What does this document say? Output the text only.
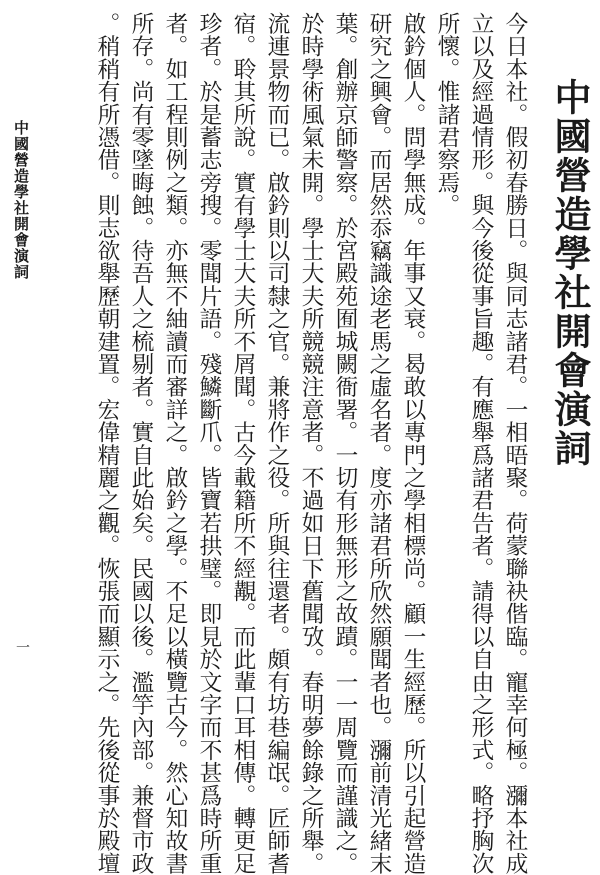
中國營造學社開會演詞
今日本社。假初春勝日。與同志諸君。一相晤聚。荷蒙聯袂偕臨。寵幸何極。瀰本社成
立以及經過情形。與今後從事旨趣。有應舉爲諸君告者。請得以自由之形式。略抒胸次
所懷。惟諸君察焉。
啟鈐個人。問學無成。年事又衰。曷敢以專門之學相標尚。顧一生經歷。所以引起營造
研究之興會。而居然忝竊識途老馬之虛名者。度亦諸君所欣然願聞者也。瀰前清光緒末
葉。創辦京師警察。於宮殿苑囿城闕衙署。一切有形無形之故蹟。一一周覽而謹識之。
於時學術風氣未開。學士大夫所競競注意者。不過如日下舊聞攷。春明夢餘錄之所舉。
流連景物而已。啟鈐則以司隸之官。兼將作之役。所與往還者。頗有坊巷編氓。匠師耆
宿。聆其所說。實有學士大夫所不屑聞。古今載籍所不經覯。而此輩口耳相傳。轉更足
珍者。於是蓄志旁搜。零聞片語。殘鱗斷爪。皆寶若拱璧。即見於文字而不甚爲時所重
者。如工程則例之類。亦無不紬讀而審詳之。啟鈐之學。不足以橫覽古今。然心知故書
所存。尚有零墜晦蝕。待吾人之梳剔者。實自此始矣。民國以後。濫竽內部。兼督市政
。稍稍有所憑借。則志欲舉歷朝建置。宏偉精麗之觀。恢張而顯示之。先後從事於殿壇
中國營造學社開會演詞
一
